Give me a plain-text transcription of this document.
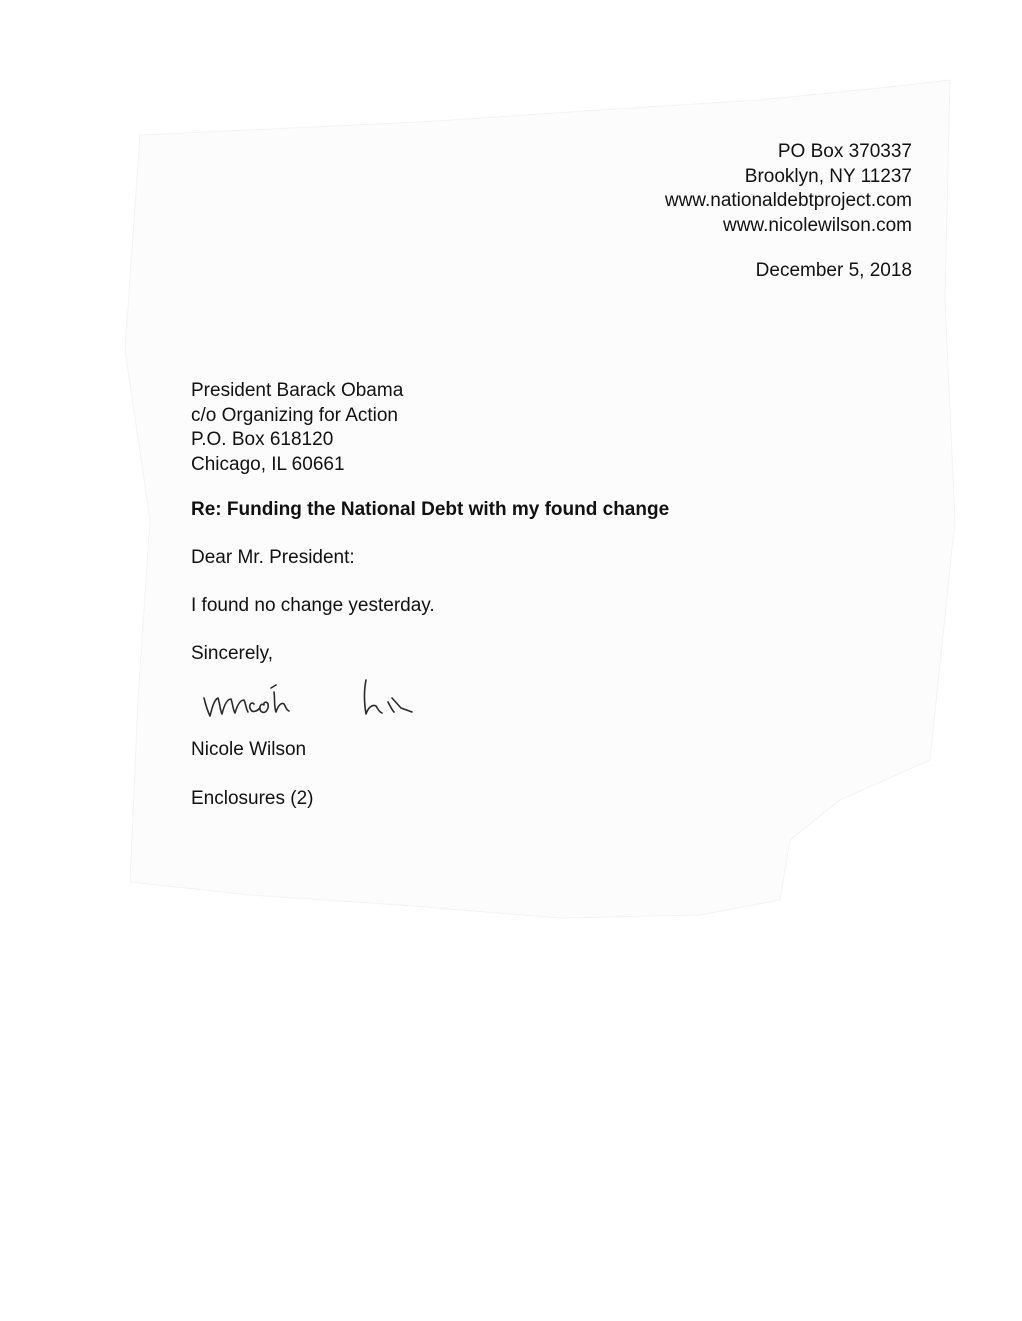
PO Box 370337
Brooklyn, NY 11237
www.nationaldebtproject.com
www.nicolewilson.com
December 5, 2018
President Barack Obama
c/o Organizing for Action
P.O. Box 618120
Chicago, IL 60661
Re: Funding the National Debt with my found change
Dear Mr. President:
I found no change yesterday.
Sincerely,
Nicole Wilson
Enclosures (2)
